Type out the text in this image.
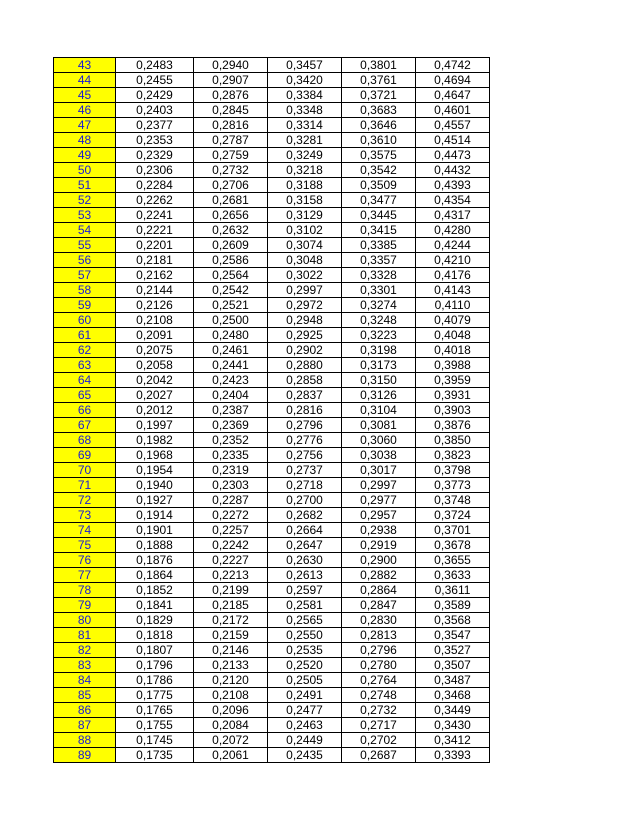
43	0,2483	0,2940	0,3457	0,3801	0,4742
44	0,2455	0,2907	0,3420	0,3761	0,4694
45	0,2429	0,2876	0,3384	0,3721	0,4647
46	0,2403	0,2845	0,3348	0,3683	0,4601
47	0,2377	0,2816	0,3314	0,3646	0,4557
48	0,2353	0,2787	0,3281	0,3610	0,4514
49	0,2329	0,2759	0,3249	0,3575	0,4473
50	0,2306	0,2732	0,3218	0,3542	0,4432
51	0,2284	0,2706	0,3188	0,3509	0,4393
52	0,2262	0,2681	0,3158	0,3477	0,4354
53	0,2241	0,2656	0,3129	0,3445	0,4317
54	0,2221	0,2632	0,3102	0,3415	0,4280
55	0,2201	0,2609	0,3074	0,3385	0,4244
56	0,2181	0,2586	0,3048	0,3357	0,4210
57	0,2162	0,2564	0,3022	0,3328	0,4176
58	0,2144	0,2542	0,2997	0,3301	0,4143
59	0,2126	0,2521	0,2972	0,3274	0,4110
60	0,2108	0,2500	0,2948	0,3248	0,4079
61	0,2091	0,2480	0,2925	0,3223	0,4048
62	0,2075	0,2461	0,2902	0,3198	0,4018
63	0,2058	0,2441	0,2880	0,3173	0,3988
64	0,2042	0,2423	0,2858	0,3150	0,3959
65	0,2027	0,2404	0,2837	0,3126	0,3931
66	0,2012	0,2387	0,2816	0,3104	0,3903
67	0,1997	0,2369	0,2796	0,3081	0,3876
68	0,1982	0,2352	0,2776	0,3060	0,3850
69	0,1968	0,2335	0,2756	0,3038	0,3823
70	0,1954	0,2319	0,2737	0,3017	0,3798
71	0,1940	0,2303	0,2718	0,2997	0,3773
72	0,1927	0,2287	0,2700	0,2977	0,3748
73	0,1914	0,2272	0,2682	0,2957	0,3724
74	0,1901	0,2257	0,2664	0,2938	0,3701
75	0,1888	0,2242	0,2647	0,2919	0,3678
76	0,1876	0,2227	0,2630	0,2900	0,3655
77	0,1864	0,2213	0,2613	0,2882	0,3633
78	0,1852	0,2199	0,2597	0,2864	0,3611
79	0,1841	0,2185	0,2581	0,2847	0,3589
80	0,1829	0,2172	0,2565	0,2830	0,3568
81	0,1818	0,2159	0,2550	0,2813	0,3547
82	0,1807	0,2146	0,2535	0,2796	0,3527
83	0,1796	0,2133	0,2520	0,2780	0,3507
84	0,1786	0,2120	0,2505	0,2764	0,3487
85	0,1775	0,2108	0,2491	0,2748	0,3468
86	0,1765	0,2096	0,2477	0,2732	0,3449
87	0,1755	0,2084	0,2463	0,2717	0,3430
88	0,1745	0,2072	0,2449	0,2702	0,3412
89	0,1735	0,2061	0,2435	0,2687	0,3393
